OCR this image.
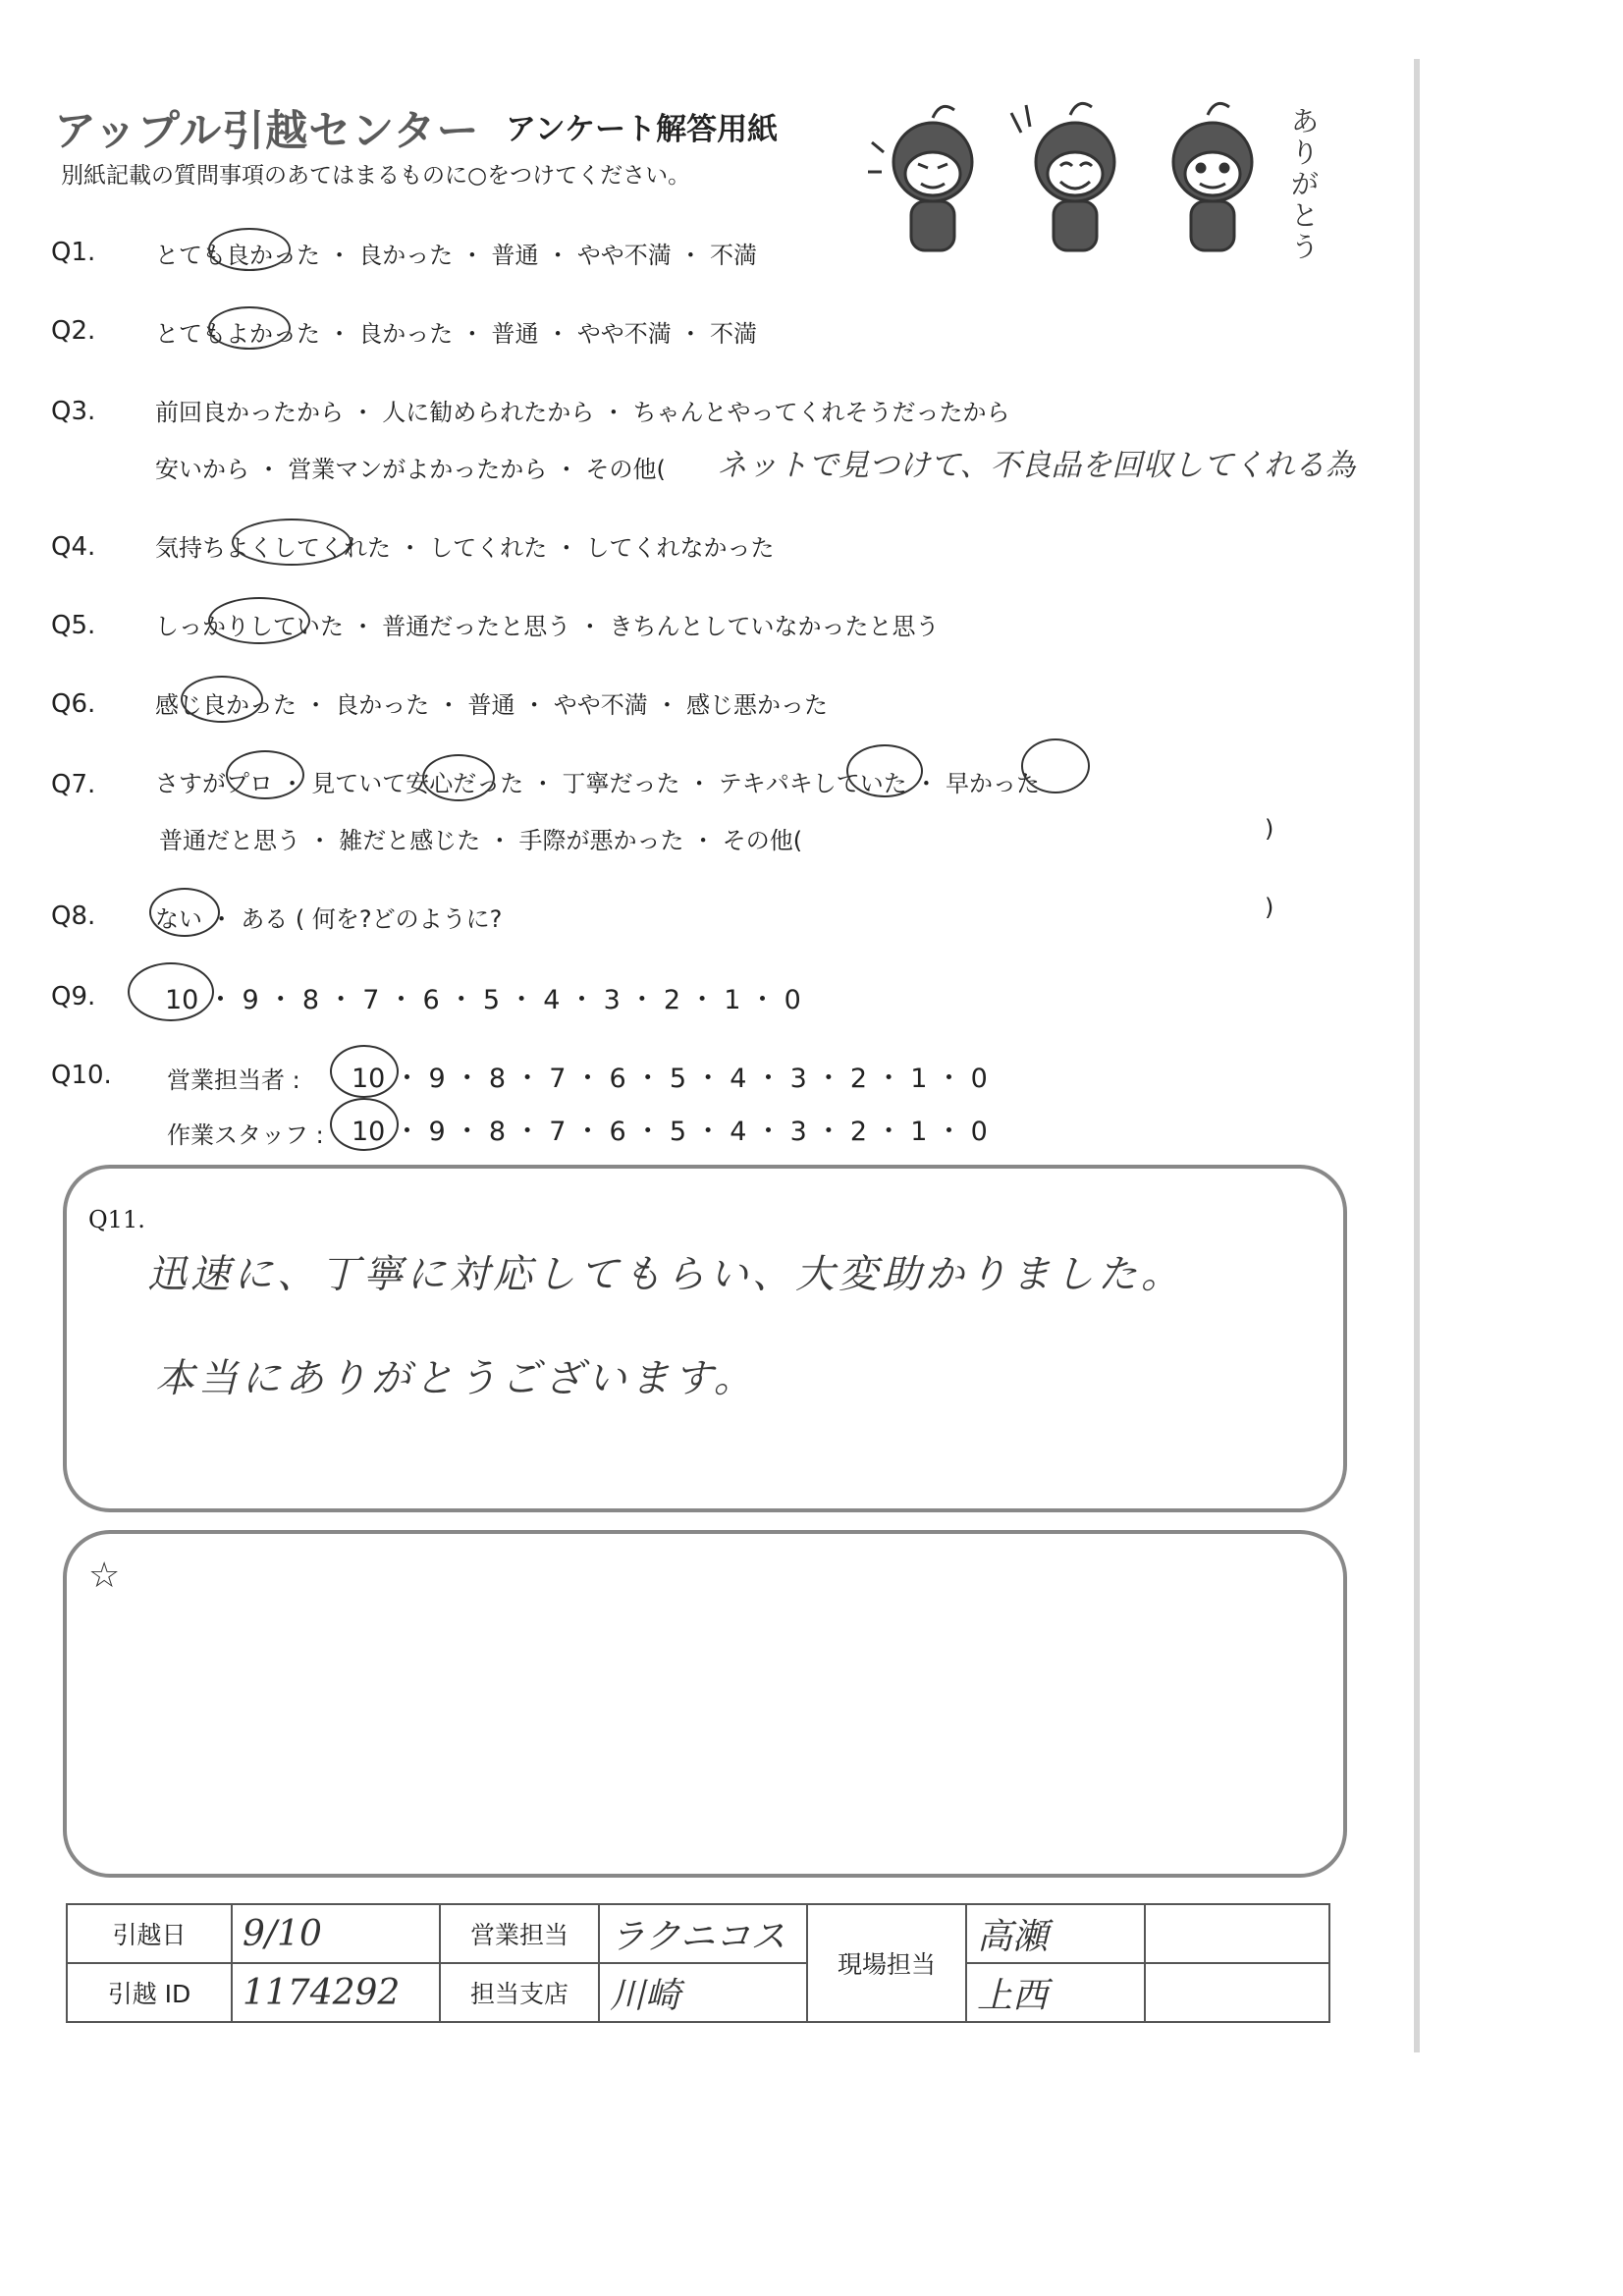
アップル引越センター アンケート解答用紙
別紙記載の質問事項のあてはまるものに○をつけてください。
ありがとう
Q1.	とても良かった ・ 良かった ・ 普通 ・ やや不満 ・ 不満
Q2.	とてもよかった ・ 良かった ・ 普通 ・ やや不満 ・ 不満
Q3.	前回良かったから ・ 人に勧められたから ・ ちゃんとやってくれそうだったから
安いから ・ 営業マンがよかったから ・ その他( ネットで見つけて、不良品を回収してくれる為
Q4.	気持ちよくしてくれた ・ してくれた ・ してくれなかった
Q5.	しっかりしていた ・ 普通だったと思う ・ きちんとしていなかったと思う
Q6.	感じ良かった ・ 良かった ・ 普通 ・ やや不満 ・ 感じ悪かった
Q7.	さすがプロ ・ 見ていて安心だった ・ 丁寧だった ・ テキパキしていた ・ 早かった
普通だと思う ・ 雑だと感じた ・ 手際が悪かった ・ その他(	)
Q8.	ない ・ ある ( 何を?どのように?	)
Q9.	10 ・ 9 ・ 8 ・ 7 ・ 6 ・ 5 ・ 4 ・ 3 ・ 2 ・ 1 ・ 0
Q10. 営業担当者 : 10 ・ 9 ・ 8 ・ 7 ・ 6 ・ 5 ・ 4 ・ 3 ・ 2 ・ 1 ・ 0
作業スタッフ : 10 ・ 9 ・ 8 ・ 7 ・ 6 ・ 5 ・ 4 ・ 3 ・ 2 ・ 1 ・ 0
Q11.
迅速に、丁寧に対応してもらい、大変助かりました。
本当にありがとうございます。
☆
引越日	9/10	営業担当	ラクニコス	現場担当	高瀬	
引越 ID	1174292	担当支店	川崎		上西	
